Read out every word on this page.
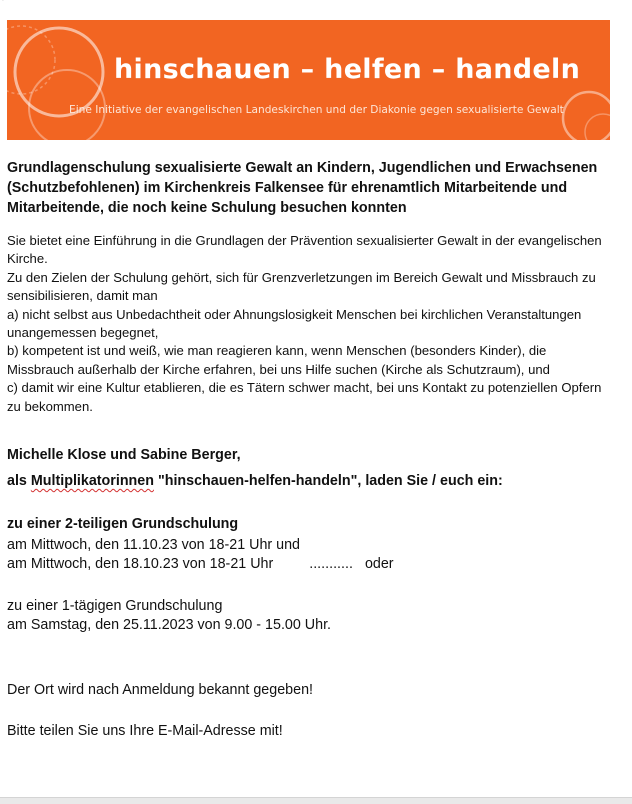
'
hinschauen – helfen – handeln
Eine Initiative der evangelischen Landeskirchen und der Diakonie gegen sexualisierte Gewalt

Grundlagenschulung sexualisierte Gewalt an Kindern, Jugendlichen und Erwachsenen (Schutzbefohlenen) im Kirchenkreis Falkensee für ehrenamtlich Mitarbeitende und Mitarbeitende, die noch keine Schulung besuchen konnten

Sie bietet eine Einführung in die Grundlagen der Prävention sexualisierter Gewalt in der evangelischen Kirche.

Zu den Zielen der Schulung gehört, sich für Grenzverletzungen im Bereich Gewalt und Missbrauch zu sensibilisieren, damit man

a) nicht selbst aus Unbedachtheit oder Ahnungslosigkeit Menschen bei kirchlichen Veranstaltungen unangemessen begegnet,

b) kompetent ist und weiß, wie man reagieren kann, wenn Menschen (besonders Kinder), die Missbrauch außerhalb der Kirche erfahren, bei uns Hilfe suchen (Kirche als Schutzraum), und

c) damit wir eine Kultur etablieren, die es Tätern schwer macht, bei uns Kontakt zu potenziellen Opfern zu bekommen.

Michelle Klose und Sabine Berger,
als Multiplikatorinnen "hinschauen-helfen-handeln", laden Sie / euch ein:
zu einer 2-teiligen Grundschulung
am Mittwoch, den 11.10.23 von 18-21 Uhr und
am Mittwoch, den 18.10.23 von 18-21 Uhr	........... oder
zu einer 1-tägigen Grundschulung
am Samstag, den 25.11.2023 von 9.00 - 15.00 Uhr.
Der Ort wird nach Anmeldung bekannt gegeben!
Bitte teilen Sie uns Ihre E-Mail-Adresse mit!
